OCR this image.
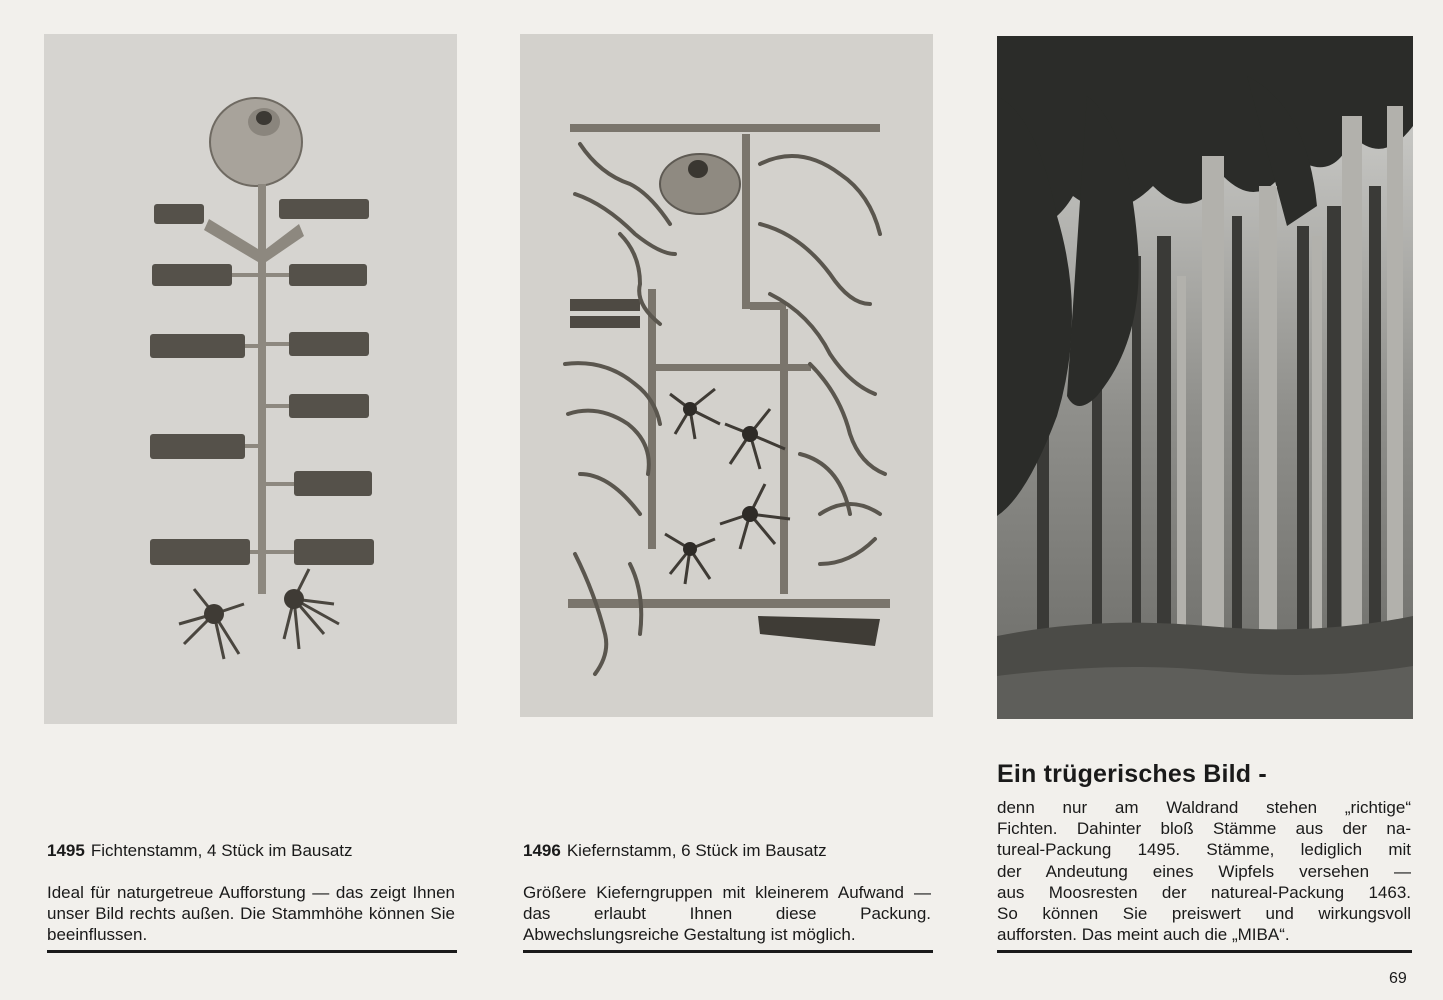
1495 Fichtenstamm, 4 Stück im Bausatz
Ideal für naturgetreue Aufforstung — das zeigt Ihnen unser Bild rechts außen. Die Stammhöhe können Sie beeinflussen.
1496 Kiefernstamm, 6 Stück im Bausatz
Größere Kieferngruppen mit kleinerem Aufwand — das erlaubt Ihnen diese Packung. Abwechslungsreiche Gestaltung ist möglich.
Ein trügerisches Bild -
denn nur am Waldrand stehen „richtige“
Fichten. Dahinter bloß Stämme aus der na-
tureal-Packung 1495. Stämme, lediglich mit
der Andeutung eines Wipfels versehen —
aus Moosresten der natureal-Packung 1463.
So können Sie preiswert und wirkungsvoll
aufforsten. Das meint auch die „MIBA“.
69
